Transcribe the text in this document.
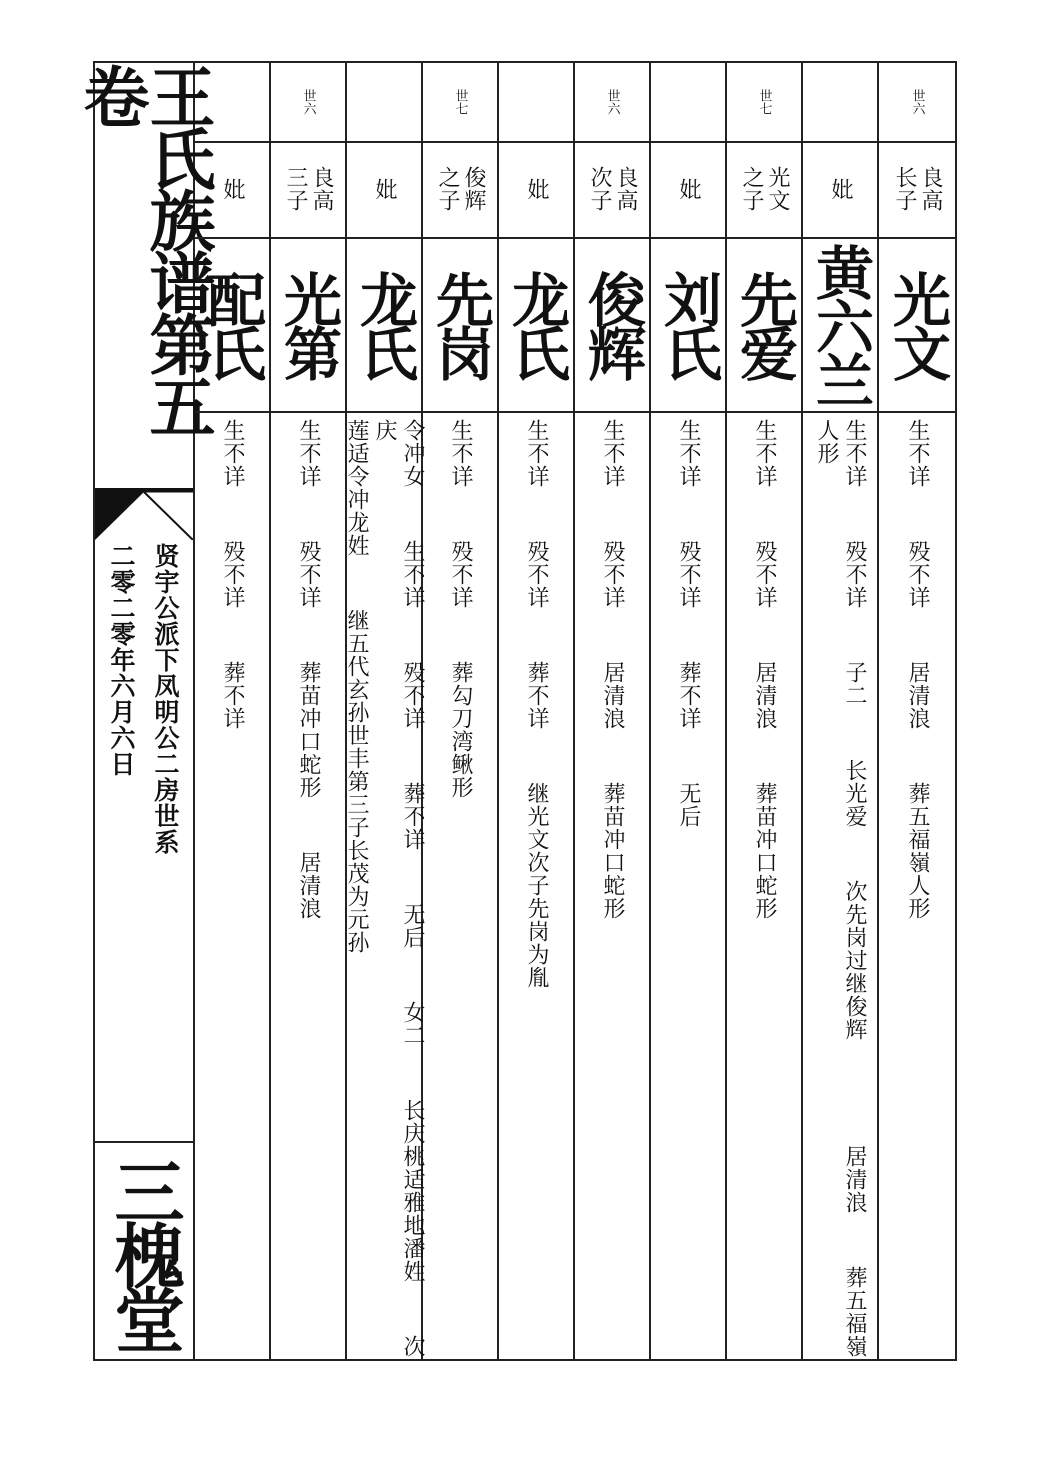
王氏族谱第五卷
贤宇公派下凤明公二房世系
二零二零年六月六日
三槐堂
妣
配氏
生不详  殁不详  葬不详
世六
良高
三子
光第
生不详  殁不详  葬苗冲口蛇形  居清浪
妣
龙氏
令冲女  生不详  殁不详  葬不详  无后  女二  长庆桃适雅地潘姓  次庆
莲适令冲龙姓  继五代玄孙世丰第三子长茂为元孙
世七
俊辉
之子
先岗
生不详  殁不详  葬勾刀湾鳅形
妣
龙氏
生不详  殁不详  葬不详  继光文次子先岗为胤
世六
良高
次子
俊辉
生不详  殁不详  居清浪  葬苗冲口蛇形
妣
刘氏
生不详  殁不详  葬不详  无后
世七
光文
之子
先爱
生不详  殁不详  居清浪  葬苗冲口蛇形
妣
黄六兰
生不详  殁不详  子二  长光爱  次先岗过继俊辉    居清浪  葬五福嶺
人形
世六
良高
长子
光文
生不详  殁不详  居清浪  葬五福嶺人形
